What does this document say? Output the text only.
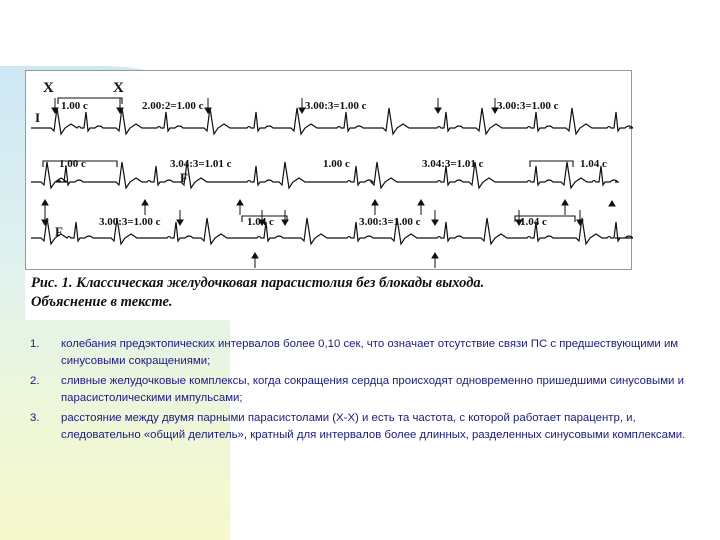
X	X
I
F
F
1.00 с	2.00:2=1.00 с	3.00:3=1.00 с	3.00:3=1.00 с
1.00 с	3.04:3=1.01 с	1.00 с	3.04:3=1.01 с	1.04 с
3.00:3=1.00 с	1.04 с	3.00:3=1.00 с	1.04 с
Рис. 1. Классическая желудочковая парасистолия без блокады выхода.
Объяснение в тексте.
1. колебания предэктопических интервалов более 0,10 сек, что означает отсутствие связи ПС с предшествующими им синусовыми сокращениями;
2. сливные желудочковые комплексы, когда сокращения сердца происходят одновременно пришедшими синусовыми и парасистолическими импульсами;
3. расстояние между двумя парными парасистолами (Х-Х) и есть та частота, с которой работает парацентр, и, следовательно «общий делитель», кратный для интервалов более длинных, разделенных синусовыми комплексами.
